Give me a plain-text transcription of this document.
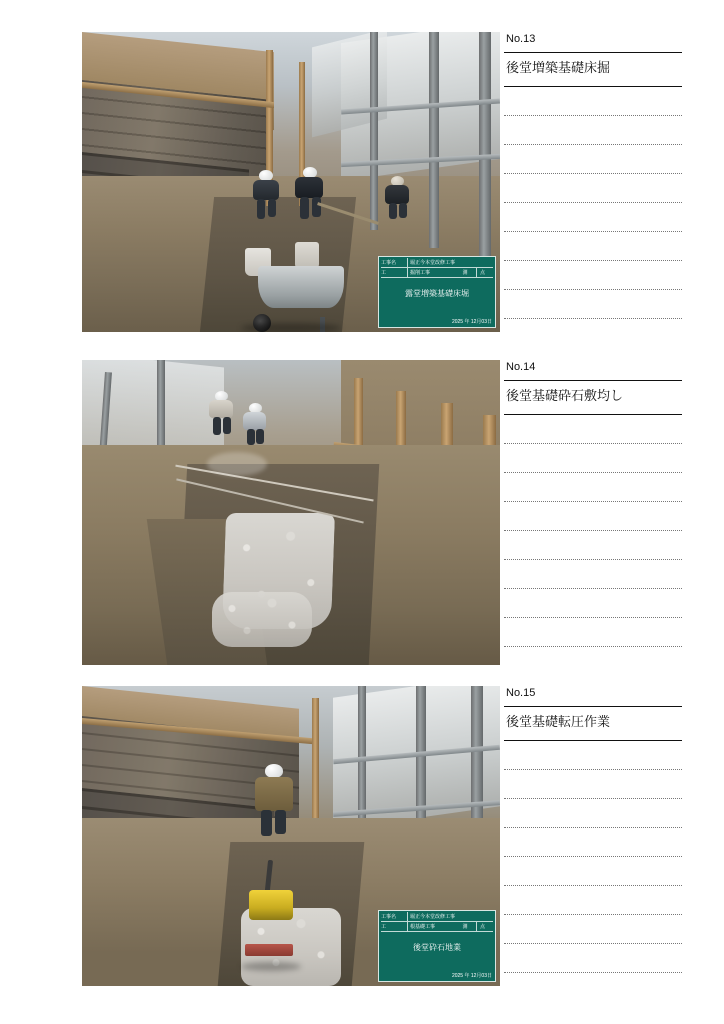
工事名	堀正今本堂改修工事
工	掘削工事	測	点
露堂増築基礎床堀
2025 年 12月03日
No.13
後堂増築基礎床掘
No.14
後堂基礎砕石敷均し
工事名	堀正今本堂改修工事
工	根基礎工事	測	点
後堂砕石地業
2025 年 12月03日
No.15
後堂基礎転圧作業
